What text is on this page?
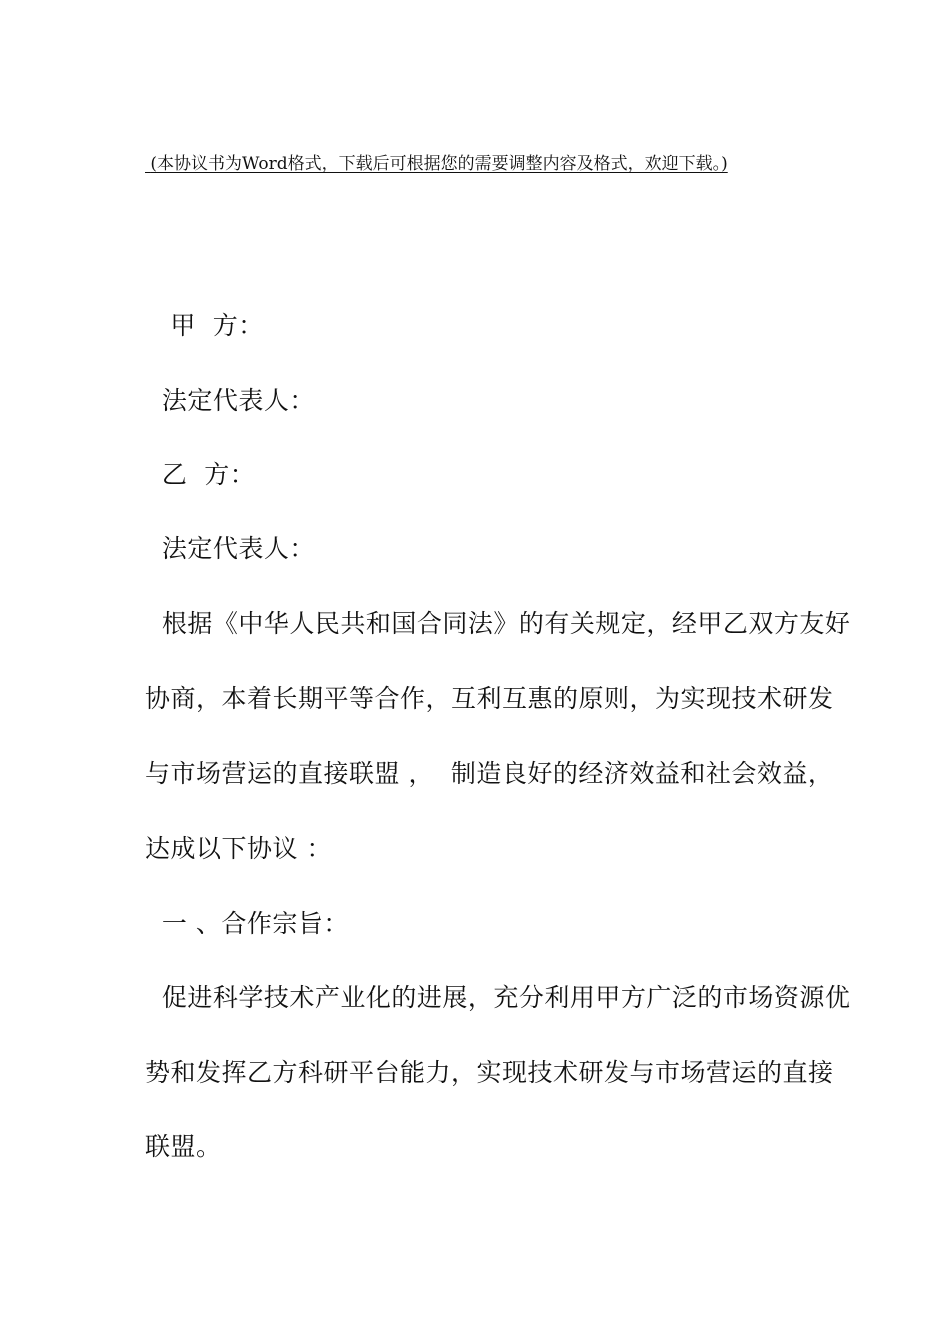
(本协议书为Word格式，下载后可根据您的需要调整内容及格式，欢迎下载。)
甲  方：
法定代表人：
乙  方：
法定代表人：
根据《中华人民共和国合同法》的有关规定，经甲乙双方友好
协商，本着长期平等合作，互利互惠的原则，为实现技术研发
与市场营运的直接联盟 ，  制造良好的经济效益和社会效益，
达成以下协议 ：
一 、合作宗旨：
促进科学技术产业化的进展，充分利用甲方广泛的市场资源优
势和发挥乙方科研平台能力，实现技术研发与市场营运的直接
联盟。
